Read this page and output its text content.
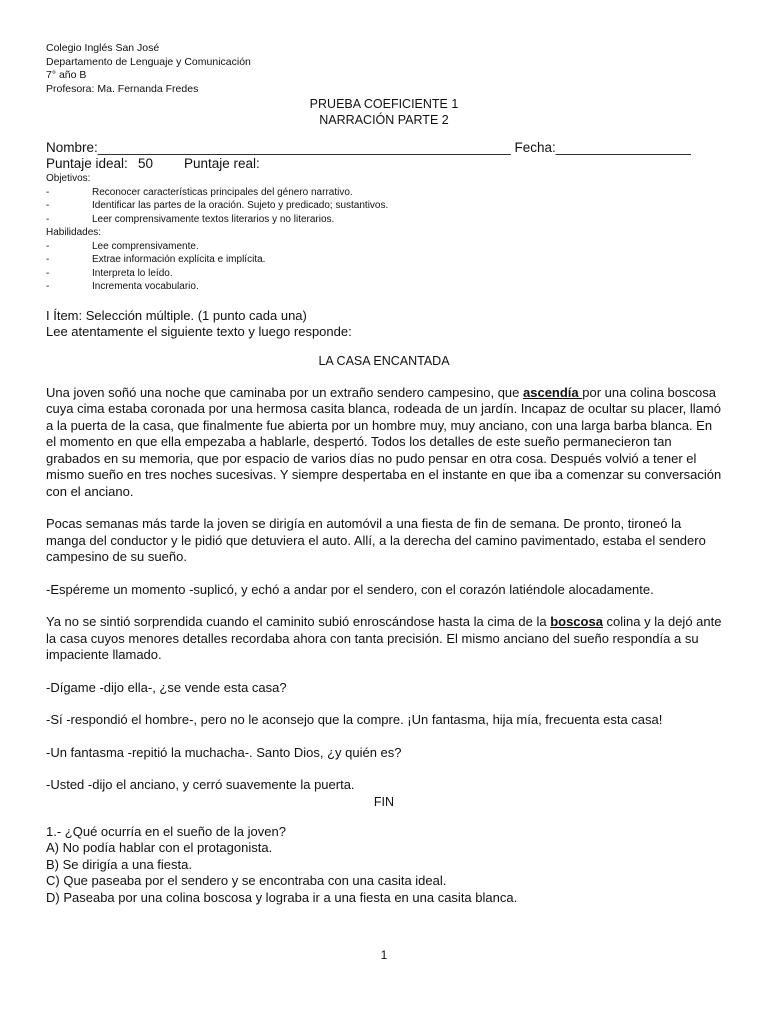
Colegio Inglés San José
Departamento de Lenguaje y Comunicación
7° año B
Profesora: Ma. Fernanda Fredes
PRUEBA COEFICIENTE 1
NARRACIÓN PARTE 2
Nombre:_______________________________________________________ Fecha:__________________
Puntaje ideal: 50 Puntaje real:
Objetivos:
-	Reconocer características principales del género narrativo.
-	Identificar las partes de la oración. Sujeto y predicado; sustantivos.
-	Leer comprensivamente textos literarios y no literarios.
Habilidades:
-	Lee comprensivamente.
-	Extrae información explícita e implícita.
-	Interpreta lo leído.
-	Incrementa vocabulario.
I Ítem: Selección múltiple. (1 punto cada una)
Lee atentamente el siguiente texto y luego responde:
LA CASA ENCANTADA

Una joven soñó una noche que caminaba por un extraño sendero campesino, que ascendía por una colina boscosa cuya cima estaba coronada por una hermosa casita blanca, rodeada de un jardín. Incapaz de ocultar su placer, llamó a la puerta de la casa, que finalmente fue abierta por un hombre muy, muy anciano, con una larga barba blanca. En el momento en que ella empezaba a hablarle, despertó. Todos los detalles de este sueño permanecieron tan grabados en su memoria, que por espacio de varios días no pudo pensar en otra cosa. Después volvió a tener el mismo sueño en tres noches sucesivas. Y siempre despertaba en el instante en que iba a comenzar su conversación con el anciano.

Pocas semanas más tarde la joven se dirigía en automóvil a una fiesta de fin de semana. De pronto, tironeó la manga del conductor y le pidió que detuviera el auto. Allí, a la derecha del camino pavimentado, estaba el sendero campesino de su sueño.

-Espéreme un momento -suplicó, y echó a andar por el sendero, con el corazón latiéndole alocadamente.

Ya no se sintió sorprendida cuando el caminito subió enroscándose hasta la cima de la boscosa colina y la dejó ante la casa cuyos menores detalles recordaba ahora con tanta precisión. El mismo anciano del sueño respondía a su impaciente llamado.

-Dígame -dijo ella-, ¿se vende esta casa?

-Sí -respondió el hombre-, pero no le aconsejo que la compre. ¡Un fantasma, hija mía, frecuenta esta casa!

-Un fantasma -repitió la muchacha-. Santo Dios, ¿y quién es?

-Usted -dijo el anciano, y cerró suavemente la puerta.

FIN
1.- ¿Qué ocurría en el sueño de la joven?
A) No podía hablar con el protagonista.
B) Se dirigía a una fiesta.
C) Que paseaba por el sendero y se encontraba con una casita ideal.
D) Paseaba por una colina boscosa y lograba ir a una fiesta en una casita blanca.
1
